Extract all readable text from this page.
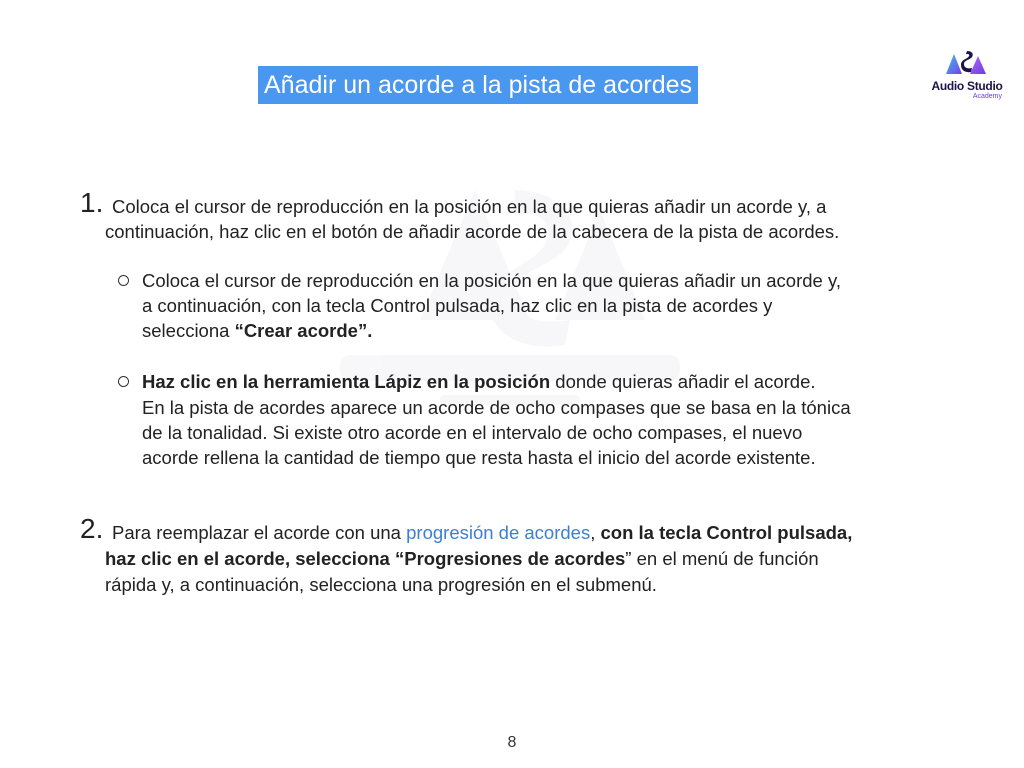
Añadir un acorde a la pista de acordes	Audio Studio
Academy
1. Coloca el cursor de reproducción en la posición en la que quieras añadir un acorde y, a
continuación, haz clic en el botón de añadir acorde de la cabecera de la pista de acordes.
Coloca el cursor de reproducción en la posición en la que quieras añadir un acorde y,
a continuación, con la tecla Control pulsada, haz clic en la pista de acordes y
selecciona “Crear acorde”.
Haz clic en la herramienta Lápiz en la posición donde quieras añadir el acorde.
En la pista de acordes aparece un acorde de ocho compases que se basa en la tónica
de la tonalidad. Si existe otro acorde en el intervalo de ocho compases, el nuevo
acorde rellena la cantidad de tiempo que resta hasta el inicio del acorde existente.
2. Para reemplazar el acorde con una progresión de acordes, con la tecla Control pulsada,
haz clic en el acorde, selecciona “Progresiones de acordes” en el menú de función
rápida y, a continuación, selecciona una progresión en el submenú.
8
